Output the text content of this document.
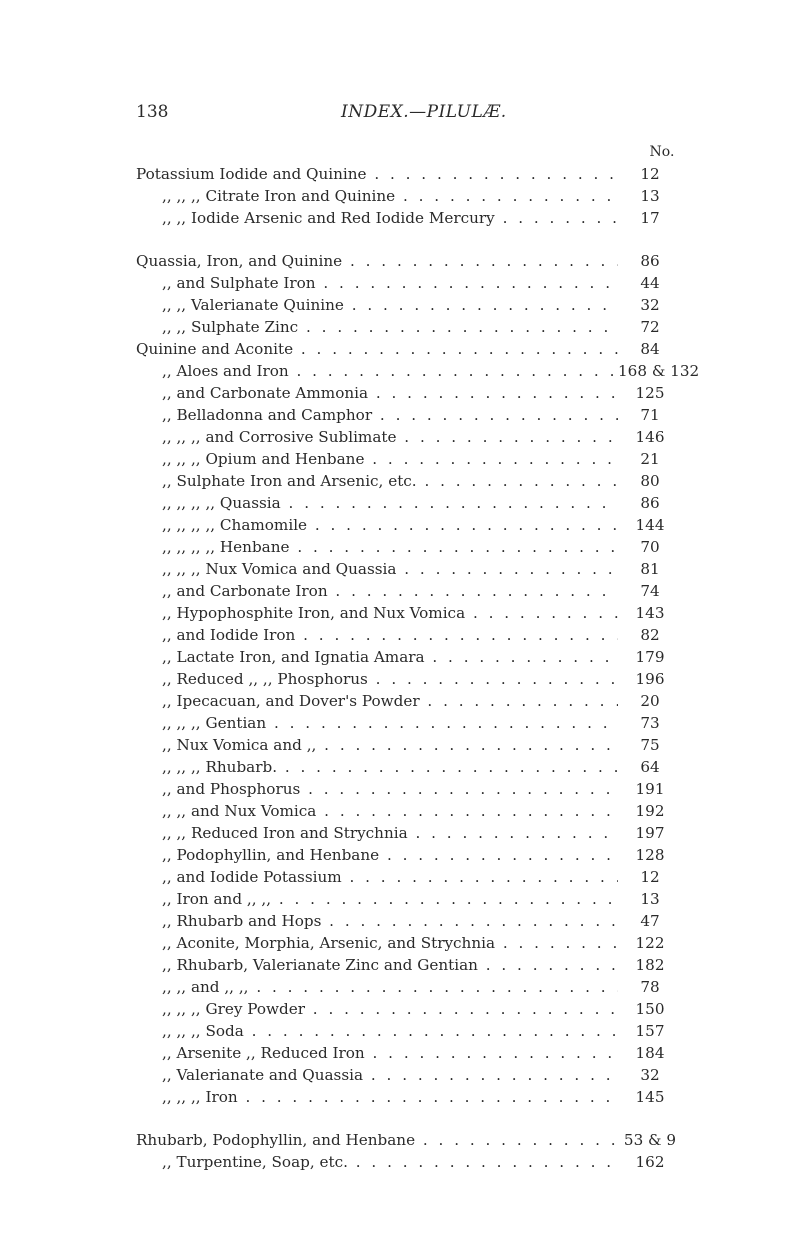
138	INDEX.—PILULÆ.
No.
Potassium Iodide and Quinine . . .	12
,, ,, ,, Citrate Iron and Quinine . . .	13
,, ,, Iodide Arsenic and Red Iodide Mercury . . .	17
Quassia, Iron, and Quinine . . .	86
,, and Sulphate Iron . . .	44
,, ,, Valerianate Quinine . . .	32
,, ,, Sulphate Zinc . . .	72
Quinine and Aconite . . .	84
,, Aloes and Iron . . .	168 & 132
,, and Carbonate Ammonia . . .	125
,, Belladonna and Camphor . . .	71
,, ,, ,, and Corrosive Sublimate . . .	146
,, ,, ,, Opium and Henbane . . .	21
,, Sulphate Iron and Arsenic, etc. . . .	80
,, ,, ,, ,, Quassia . . .	86
,, ,, ,, ,, Chamomile . . .	144
,, ,, ,, ,, Henbane . . .	70
,, ,, ,, Nux Vomica and Quassia . . .	81
,, and Carbonate Iron . . .	74
,, Hypophosphite Iron, and Nux Vomica . . .	143
,, and Iodide Iron . . .	82
,, Lactate Iron, and Ignatia Amara . . .	179
,, Reduced ,, ,, Phosphorus . . .	196
,, Ipecacuan, and Dover's Powder . . .	20
,, ,, ,, Gentian . . .	73
,, Nux Vomica and ,, . . .	75
,, ,, ,, Rhubarb. . . .	64
,, and Phosphorus . . .	191
,, ,, and Nux Vomica . . .	192
,, ,, Reduced Iron and Strychnia . . .	197
,, Podophyllin, and Henbane . . .	128
,, and Iodide Potassium . . .	12
,, Iron and ,, ,, . . .	13
,, Rhubarb and Hops . . .	47
,, Aconite, Morphia, Arsenic, and Strychnia . . .	122
,, Rhubarb, Valerianate Zinc and Gentian . . .	182
,, ,, and ,, ,, . . .	78
,, ,, ,, Grey Powder . . .	150
,, ,, ,, Soda . . .	157
,, Arsenite ,, Reduced Iron . . .	184
,, Valerianate and Quassia . . .	32
,, ,, ,, Iron . . .	145
Rhubarb, Podophyllin, and Henbane . . .	53 & 9
,, Turpentine, Soap, etc. . . .	162
